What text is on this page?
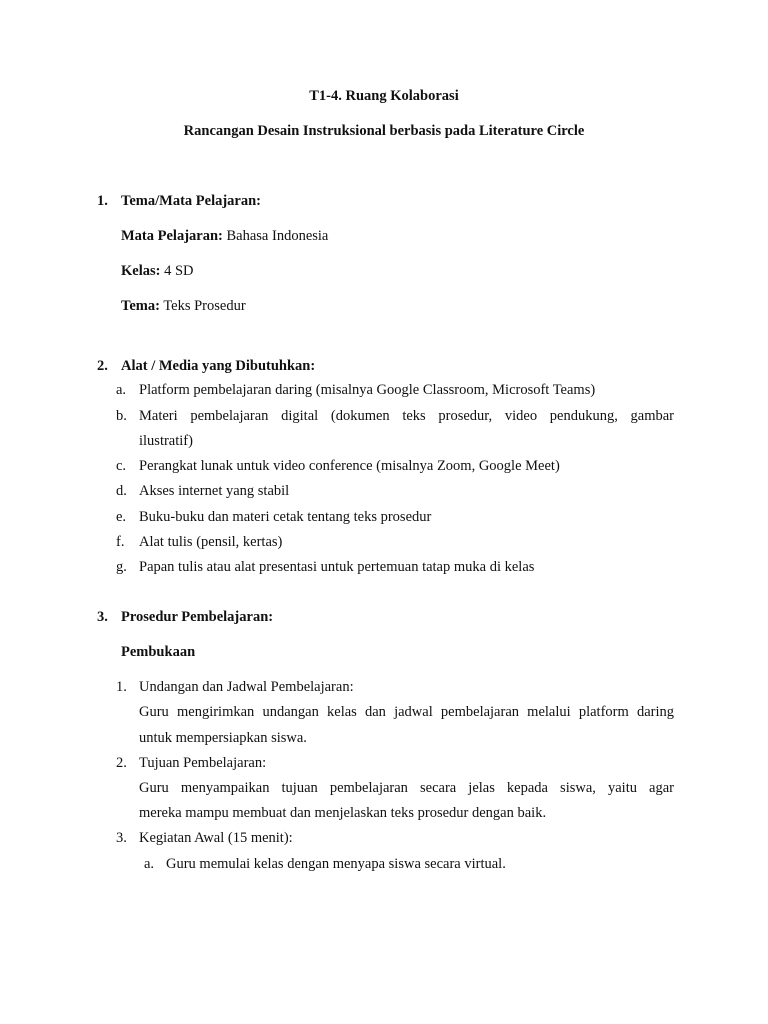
T1-4. Ruang Kolaborasi
Rancangan Desain Instruksional berbasis pada Literature Circle
1. Tema/Mata Pelajaran:
Mata Pelajaran: Bahasa Indonesia
Kelas: 4 SD
Tema: Teks Prosedur
2. Alat / Media yang Dibutuhkan:
a. Platform pembelajaran daring (misalnya Google Classroom, Microsoft Teams)
b. Materi pembelajaran digital (dokumen teks prosedur, video pendukung, gambar
ilustratif)
c. Perangkat lunak untuk video conference (misalnya Zoom, Google Meet)
d. Akses internet yang stabil
e. Buku-buku dan materi cetak tentang teks prosedur
f. Alat tulis (pensil, kertas)
g. Papan tulis atau alat presentasi untuk pertemuan tatap muka di kelas
3. Prosedur Pembelajaran:
Pembukaan
1. Undangan dan Jadwal Pembelajaran:
Guru mengirimkan undangan kelas dan jadwal pembelajaran melalui platform daring
untuk mempersiapkan siswa.
2. Tujuan Pembelajaran:
Guru menyampaikan tujuan pembelajaran secara jelas kepada siswa, yaitu agar
mereka mampu membuat dan menjelaskan teks prosedur dengan baik.
3. Kegiatan Awal (15 menit):
a. Guru memulai kelas dengan menyapa siswa secara virtual.
